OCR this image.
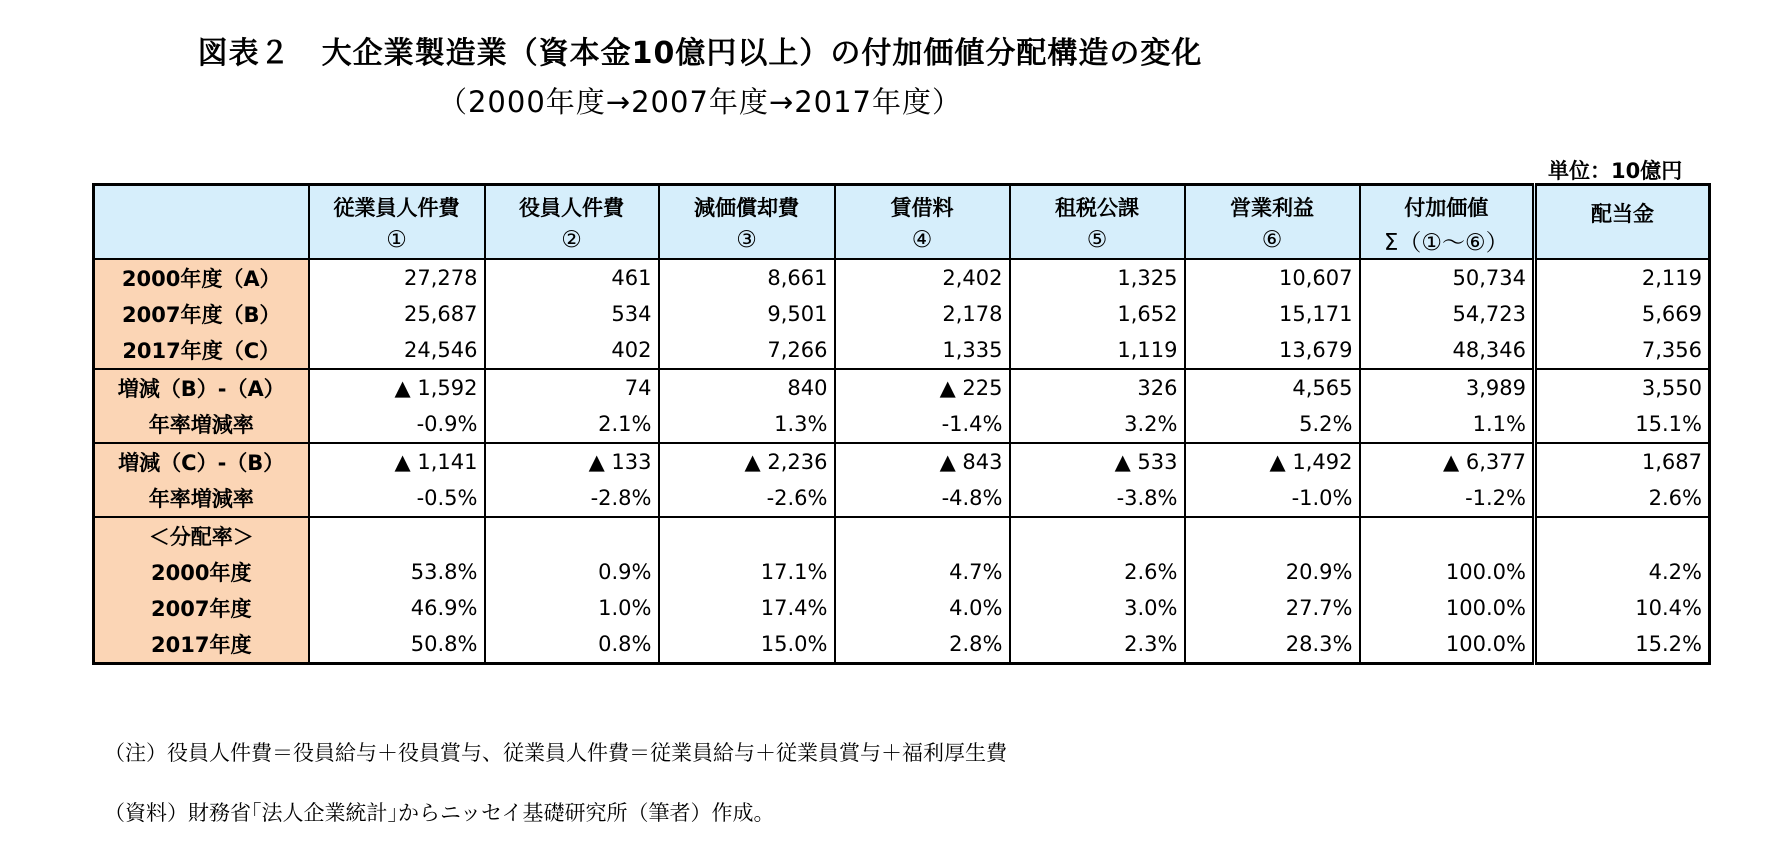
図表２　大企業製造業（資本金10億円以上）の付加価値分配構造の変化
（2000年度→2007年度→2017年度）
単位：10億円
	従業員人件費	役員人件費	減価償却費	賃借料	租税公課	営業利益	付加価値	配当金
	①	②	③	④	⑤	⑥	Σ（①～⑥）	
2000年度（A）	27,278	461	8,661	2,402	1,325	10,607	50,734	2,119
2007年度（B）	25,687	534	9,501	2,178	1,652	15,171	54,723	5,669
2017年度（C）	24,546	402	7,266	1,335	1,119	13,679	48,346	7,356
増減（B）-（A）	▲ 1,592	74	840	▲ 225	326	4,565	3,989	3,550
年率増減率	-0.9%	2.1%	1.3%	-1.4%	3.2%	5.2%	1.1%	15.1%
増減（C）-（B）	▲ 1,141	▲ 133	▲ 2,236	▲ 843	▲ 533	▲ 1,492	▲ 6,377	1,687
年率増減率	-0.5%	-2.8%	-2.6%	-4.8%	-3.8%	-1.0%	-1.2%	2.6%
＜分配率＞								
2000年度	53.8%	0.9%	17.1%	4.7%	2.6%	20.9%	100.0%	4.2%
2007年度	46.9%	1.0%	17.4%	4.0%	3.0%	27.7%	100.0%	10.4%
2017年度	50.8%	0.8%	15.0%	2.8%	2.3%	28.3%	100.0%	15.2%
（注）役員人件費＝役員給与＋役員賞与、従業員人件費＝従業員給与＋従業員賞与＋福利厚生費
（資料）財務省｢法人企業統計｣からニッセイ基礎研究所（筆者）作成。
